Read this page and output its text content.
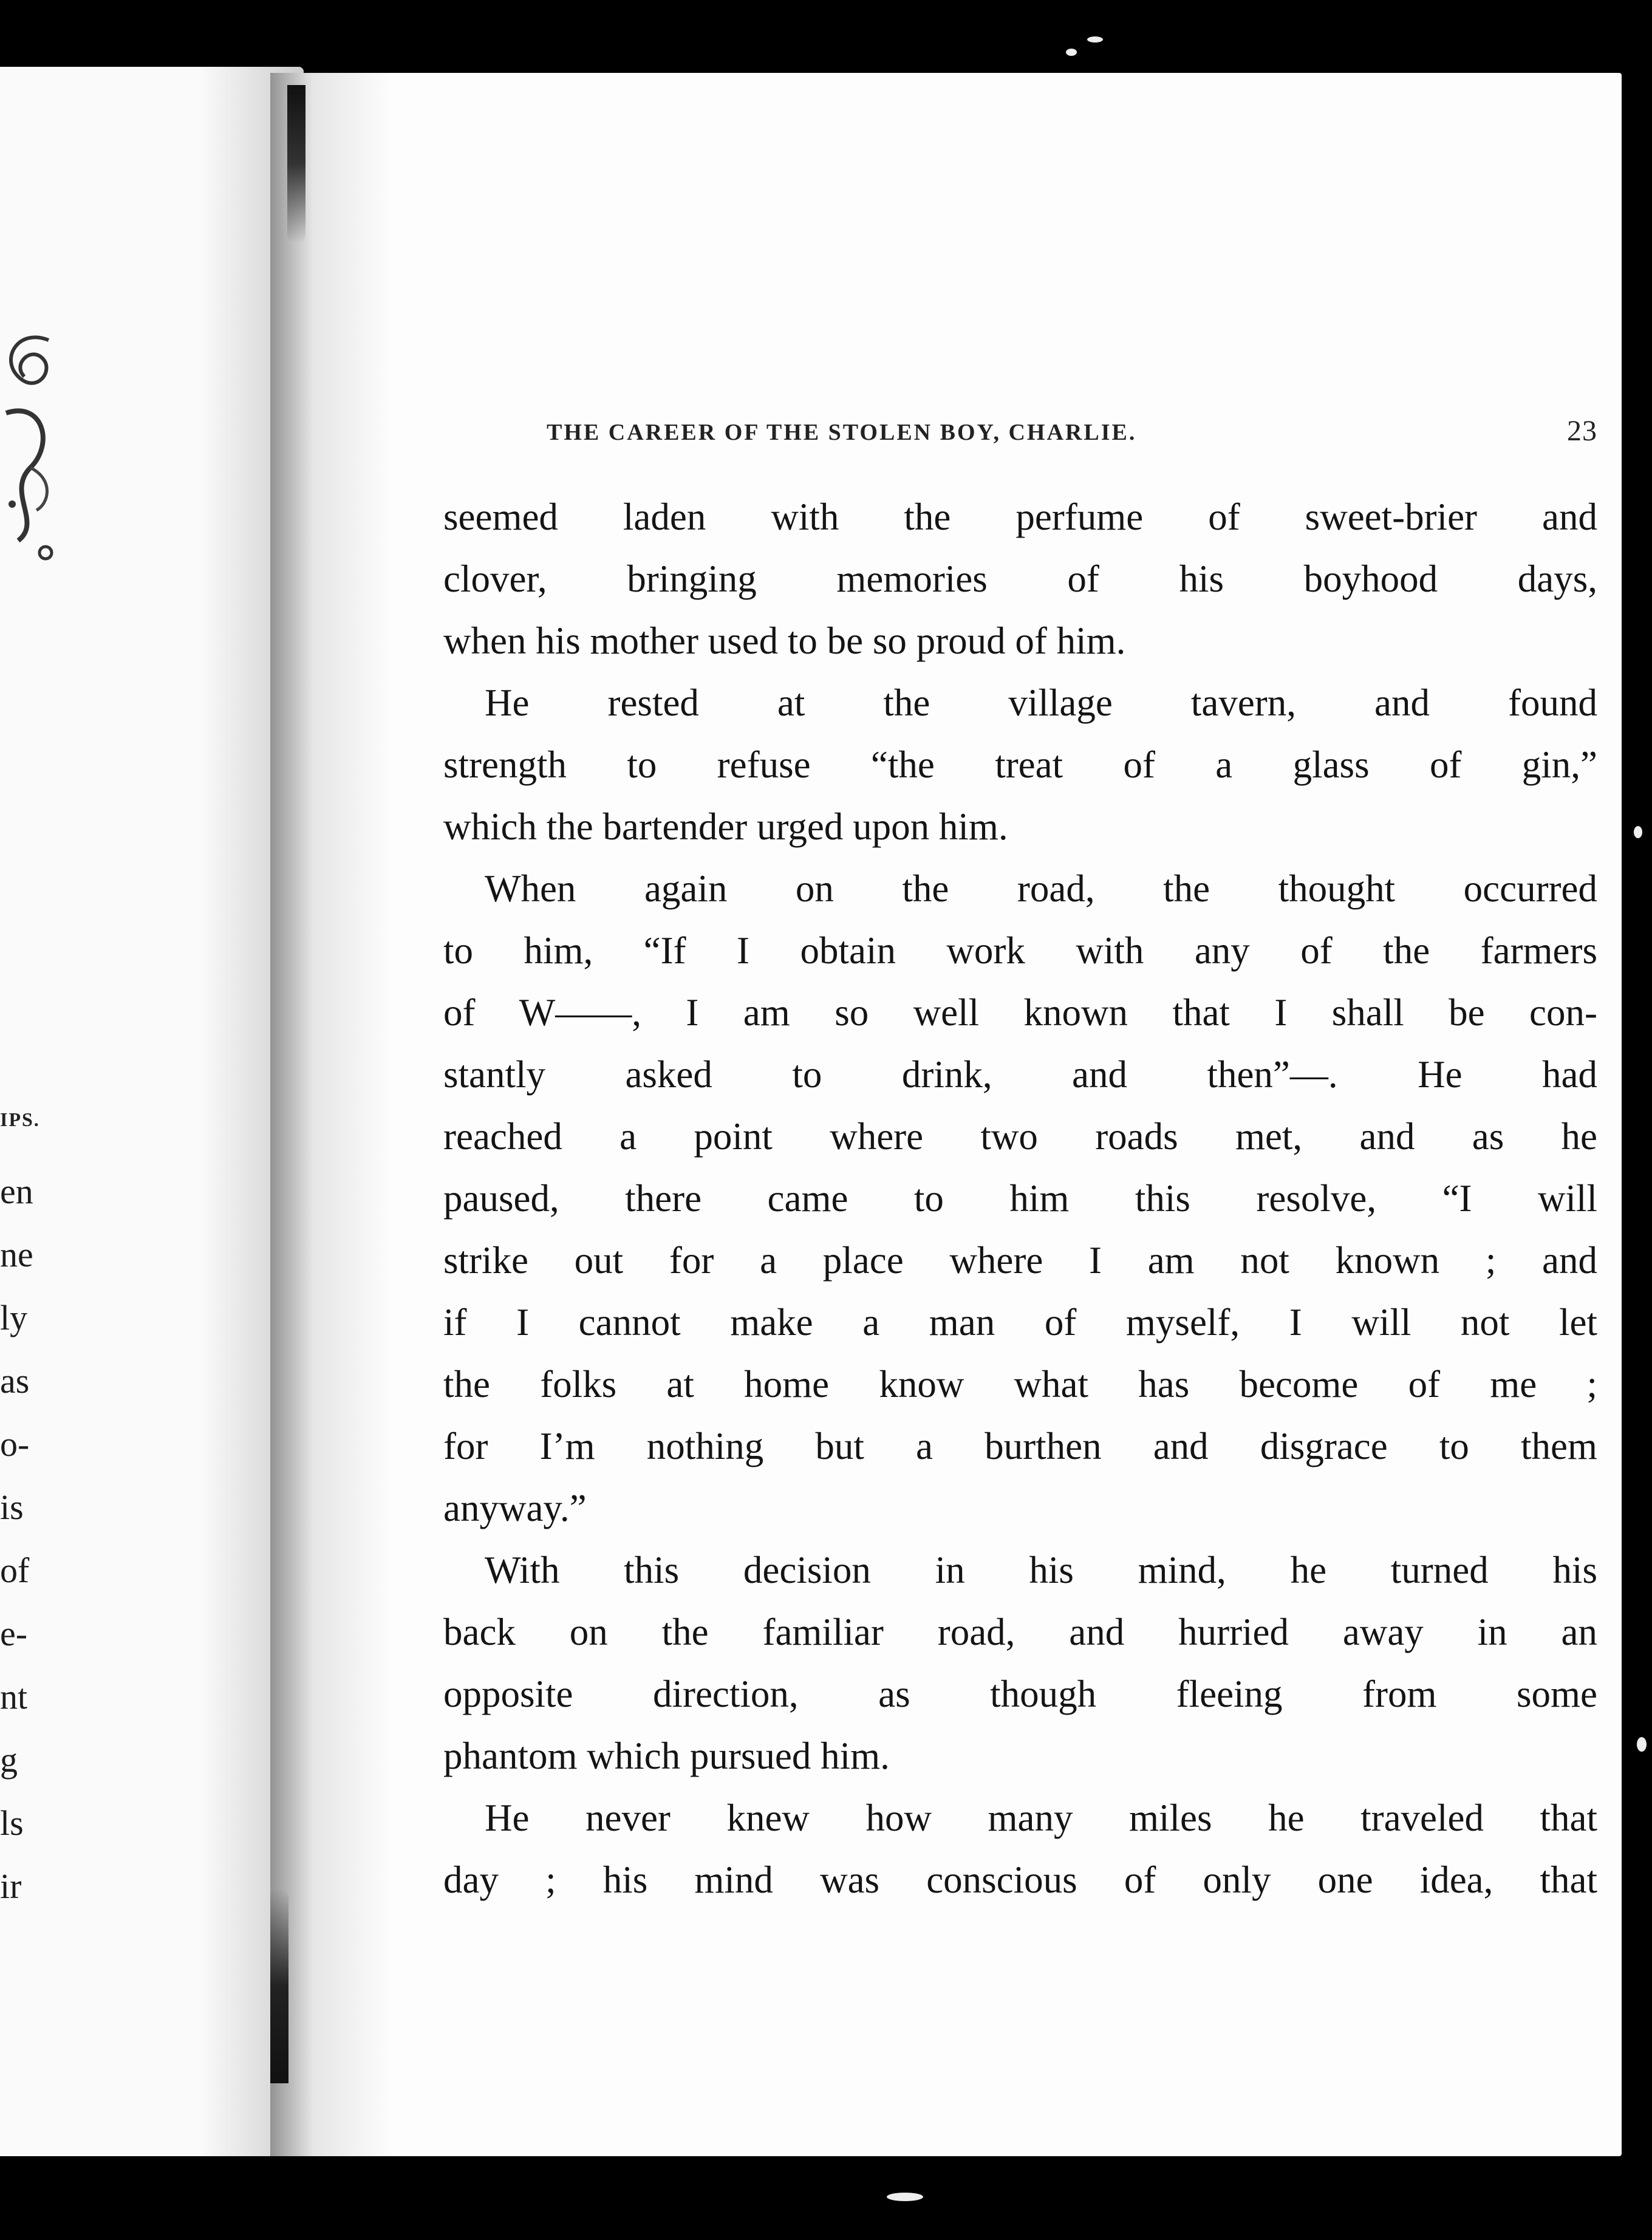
IPS.

en
ne
ly
as
o-
is
of
e-
nt
g
ls
ir
THE CAREER OF THE STOLEN BOY, CHARLIE.	23
seemed laden with the perfume of sweet-brier and
clover, bringing memories of his boyhood days,
when his mother used to be so proud of him.
He rested at the village tavern, and found
strength to refuse “the treat of a glass of gin,”
which the bartender urged upon him.
When again on the road, the thought occurred
to him, “If I obtain work with any of the farmers
of W——, I am so well known that I shall be con-
stantly asked to drink, and then”—. He had
reached a point where two roads met, and as he
paused, there came to him this resolve, “I will
strike out for a place where I am not known ; and
if I cannot make a man of myself, I will not let
the folks at home know what has become of me ;
for I’m nothing but a burthen and disgrace to them
anyway.”
With this decision in his mind, he turned his
back on the familiar road, and hurried away in an
opposite direction, as though fleeing from some
phantom which pursued him.
He never knew how many miles he traveled that
day ; his mind was conscious of only one idea, that
